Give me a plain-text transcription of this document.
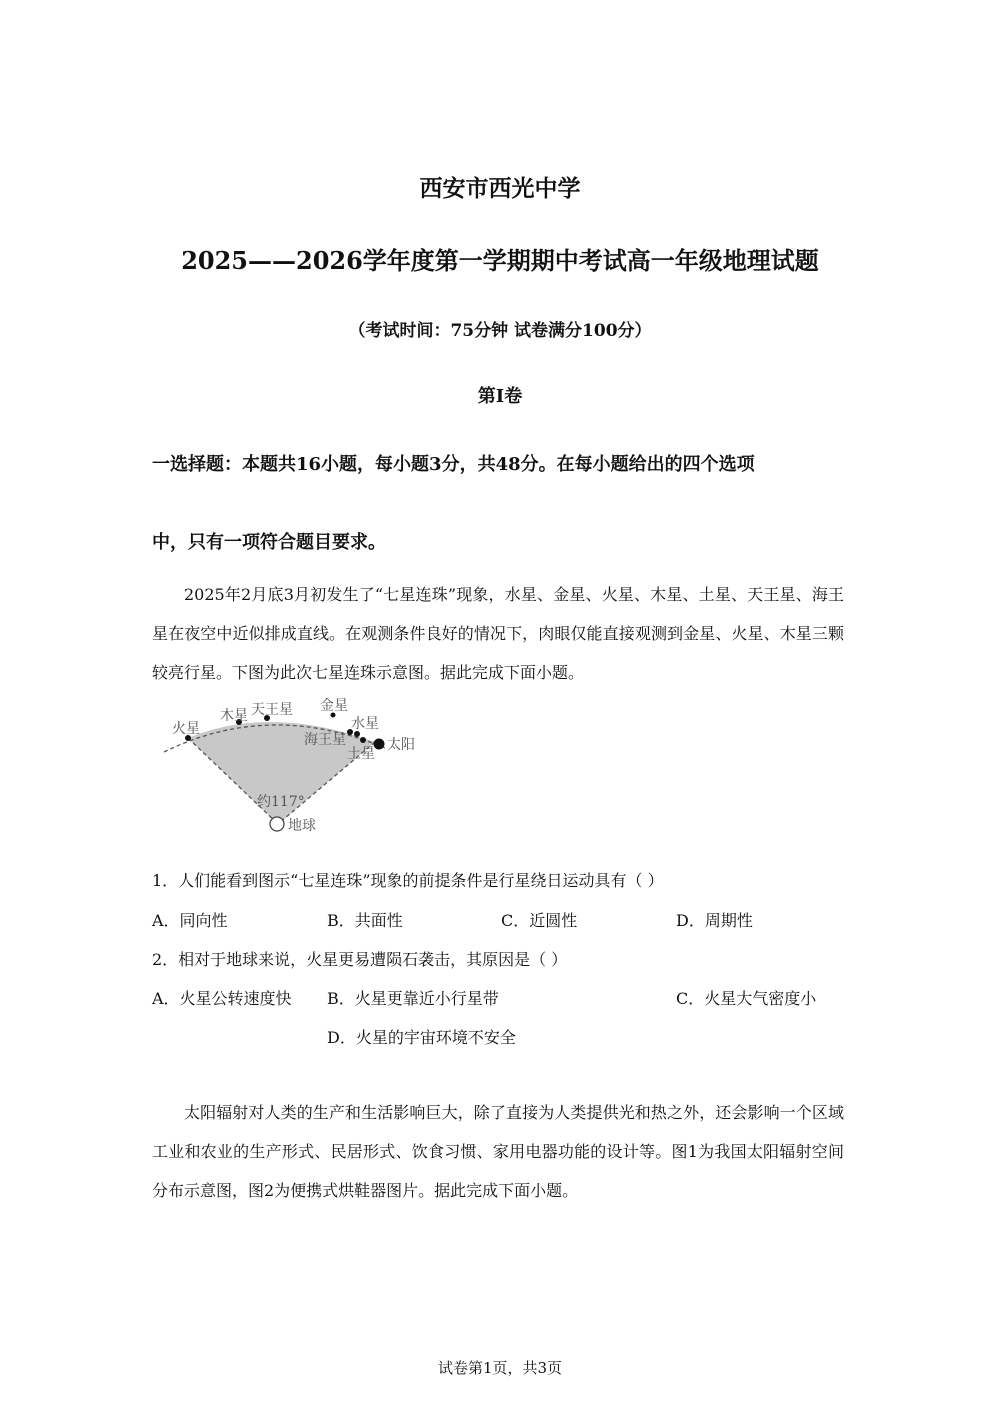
西安市西光中学
2025——2026学年度第一学期期中考试高一年级地理试题
（考试时间：75分钟 试卷满分100分）
第Ⅰ卷
一选择题：本题共16小题，每小题3分，共48分。在每小题给出的四个选项
中，只有一项符合题目要求。
2025年2月底3月初发生了“七星连珠”现象，水星、金星、火星、木星、土星、天王星、海王星在夜空中近似排成直线。在观测条件良好的情况下，肉眼仅能直接观测到金星、火星、木星三颗较亮行星。下图为此次七星连珠示意图。据此完成下面小题。
火星
木星 天王星 金星
水星
海王星	太阳
土星
约117°
地球
1．人们能看到图示“七星连珠”现象的前提条件是行星绕日运动具有（ ）
A．同向性	B．共面性	C．近圆性	D．周期性
2．相对于地球来说，火星更易遭陨石袭击，其原因是（ ）
A．火星公转速度快 B．火星更靠近小行星带	C．火星大气密度小
D．火星的宇宙环境不安全
太阳辐射对人类的生产和生活影响巨大，除了直接为人类提供光和热之外，还会影响一个区域工业和农业的生产形式、民居形式、饮食习惯、家用电器功能的设计等。图1为我国太阳辐射空间分布示意图，图2为便携式烘鞋器图片。据此完成下面小题。
试卷第1页，共3页
